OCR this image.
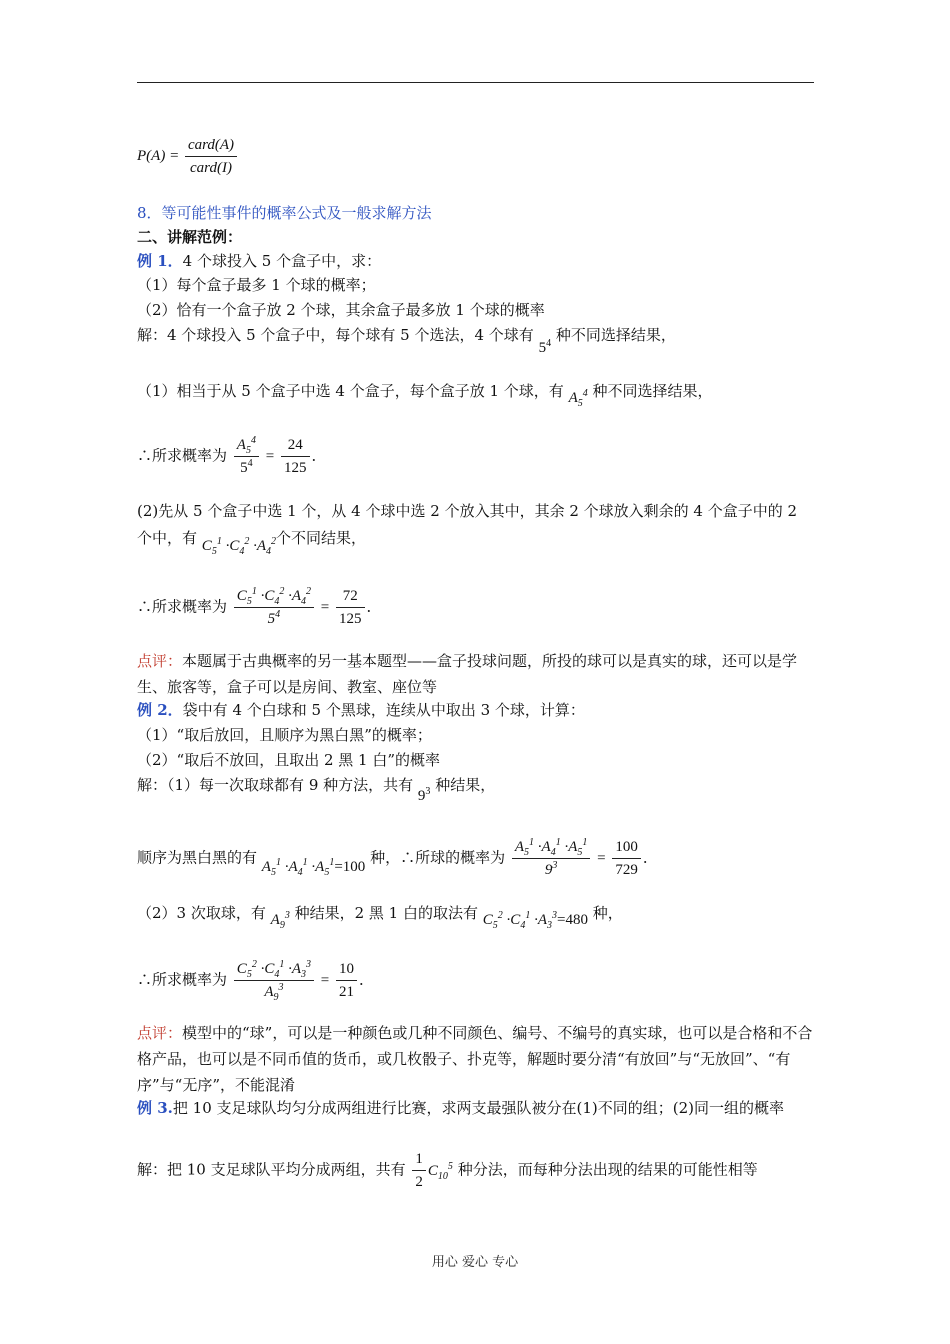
$P(A) = \frac{\text{card(A)}}{\text{card(I)}}$
8．等可能性事件的概率公式及一般求解方法
二、讲解范例：
例 1．4 个球投入 5 个盒子中，求：
（1）每个盒子最多 1 个球的概率；
（2）恰有一个盒子放 2 个球，其余盒子最多放 1 个球的概率
解：4 个球投入 5 个盒子中，每个球有 5 个选法，4 个球有 $5^4$ 种不同选择结果，
（1）相当于从 5 个盒子中选 4 个盒子，每个盒子放 1 个球，有 $A_5^4$ 种不同选择结果，
∴所求概率为 $\frac{A_5^4}{5^4} = \frac{24}{125}$ ．
(2)先从 5 个盒子中选 1 个，从 4 个球中选 2 个放入其中，其余 2 个球放入剩余的 4 个盒子中的 2 个中，有 $C_5^1 \cdot C_4^2 \cdot A_4^2$个不同结果，
∴所求概率为 $\frac{C_5^1 \cdot C_4^2 \cdot A_4^2}{5^4} = \frac{72}{125}$ ．
点评：本题属于古典概率的另一基本题型——盒子投球问题，所投的球可以是真实的球，还可以是学生、旅客等，盒子可以是房间、教室、座位等
例 2．袋中有 4 个白球和 5 个黑球，连续从中取出 3 个球，计算：
（1）“取后放回，且顺序为黑白黑”的概率；
（2）“取后不放回，且取出 2 黑 1 白”的概率
解：（1）每一次取球都有 9 种方法，共有 $9^3$ 种结果，
顺序为黑白黑的有 $A_5^1 \cdot A_4^1 \cdot A_5^1=100$ 种，∴所球的概率为 $\frac{A_5^1 \cdot A_4^1 \cdot A_5^1}{9^3} = \frac{100}{729}$ ．
（2）3 次取球，有 $A_9^3$ 种结果，2 黑 1 白的取法有 $C_5^2 \cdot C_4^1 \cdot A_3^3=480$ 种，
∴所求概率为 $\frac{C_5^2 \cdot C_4^1 \cdot A_3^3}{A_9^3} = \frac{10}{21}$ ．
点评：模型中的“球”，可以是一种颜色或几种不同颜色、编号、不编号的真实球，也可以是合格和不合格产品，也可以是不同币值的货币，或几枚骰子、扑克等，解题时要分清“有放回”与“无放回”、“有序”与“无序”，不能混淆
例 3.把 10 支足球队均匀分成两组进行比赛，求两支最强队被分在(1)不同的组；(2)同一组的概率
解：把 10 支足球队平均分成两组，共有 $\frac{1}{2} C_{10}^5$ 种分法，而每种分法出现的结果的可能性相等
用心 爱心 专心
